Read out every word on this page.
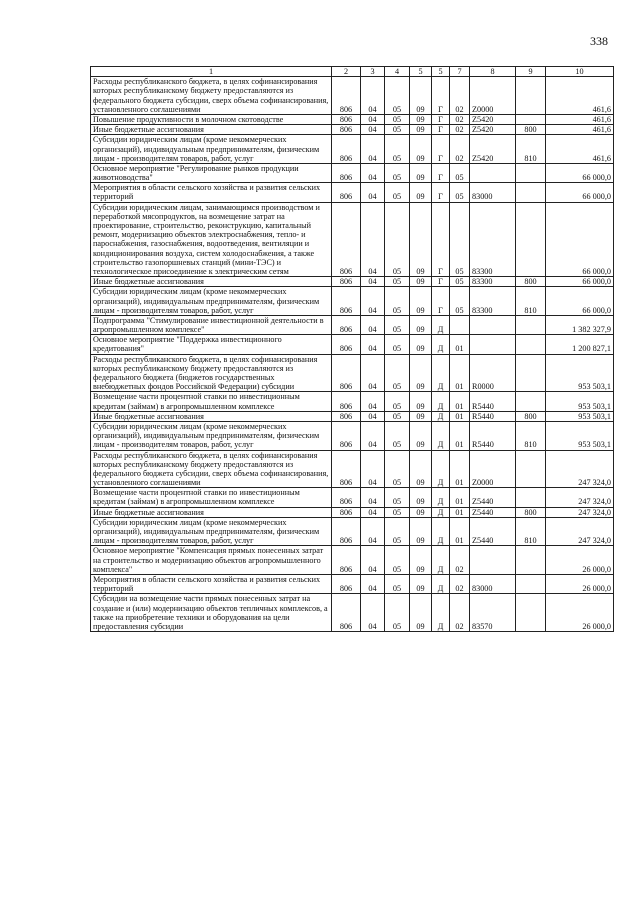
338
1	2	3	4	5	5	7	8	9	10
Расходы республиканского бюджета, в целях софинансирования которых республиканскому бюджету предоставляются из федерального бюджета субсидии, сверх объема софинансирования, установленного соглашениями	806	04	05	09	Г	02	Z0000		461,6
Повышение продуктивности в молочном скотоводстве	806	04	05	09	Г	02	Z5420		461,6
Иные бюджетные ассигнования	806	04	05	09	Г	02	Z5420	800	461,6
Субсидии юридическим лицам (кроме некоммерческих организаций), индивидуальным предпринимателям, физическим лицам - производителям товаров, работ, услуг	806	04	05	09	Г	02	Z5420	810	461,6
Основное мероприятие "Регулирование рынков продукции животноводства"	806	04	05	09	Г	05			66 000,0
Мероприятия в области сельского хозяйства и развития сельских территорий	806	04	05	09	Г	05	83000		66 000,0
Субсидии юридическим лицам, занимающимся производством и переработкой мясопродуктов, на возмещение затрат на проектирование, строительство, реконструкцию, капитальный ремонт, модернизацию объектов электроснабжения, тепло- и пароснабжения, газоснабжения, водоотведения, вентиляции и кондиционирования воздуха, систем холодоснабжения, а также строительство газопоршневых станций (мини-ТЭС) и технологическое присоединение к электрическим сетям	806	04	05	09	Г	05	83300		66 000,0
Иные бюджетные ассигнования	806	04	05	09	Г	05	83300	800	66 000,0
Субсидии юридическим лицам (кроме некоммерческих организаций), индивидуальным предпринимателям, физическим лицам - производителям товаров, работ, услуг	806	04	05	09	Г	05	83300	810	66 000,0
Подпрограмма "Стимулирование инвестиционной деятельности в агропромышленном комплексе"	806	04	05	09	Д				1 382 327,9
Основное мероприятие "Поддержка инвестиционного кредитования"	806	04	05	09	Д	01			1 200 827,1
Расходы республиканского бюджета, в целях софинансирования которых республиканскому бюджету предоставляются из федерального бюджета (бюджетов государственных внебюджетных фондов Российской Федерации) субсидии	806	04	05	09	Д	01	R0000		953 503,1
Возмещение части процентной ставки по инвестиционным кредитам (займам) в агропромышленном комплексе	806	04	05	09	Д	01	R5440		953 503,1
Иные бюджетные ассигнования	806	04	05	09	Д	01	R5440	800	953 503,1
Субсидии юридическим лицам (кроме некоммерческих организаций), индивидуальным предпринимателям, физическим лицам - производителям товаров, работ, услуг	806	04	05	09	Д	01	R5440	810	953 503,1
Расходы республиканского бюджета, в целях софинансирования которых республиканскому бюджету предоставляются из федерального бюджета субсидии, сверх объема софинансирования, установленного соглашениями	806	04	05	09	Д	01	Z0000		247 324,0
Возмещение части процентной ставки по инвестиционным кредитам (займам) в агропромышленном комплексе	806	04	05	09	Д	01	Z5440		247 324,0
Иные бюджетные ассигнования	806	04	05	09	Д	01	Z5440	800	247 324,0
Субсидии юридическим лицам (кроме некоммерческих организаций), индивидуальным предпринимателям, физическим лицам - производителям товаров, работ, услуг	806	04	05	09	Д	01	Z5440	810	247 324,0
Основное мероприятие "Компенсация прямых понесенных затрат на строительство и модернизацию объектов агропромышленного комплекса"	806	04	05	09	Д	02			26 000,0
Мероприятия в области сельского хозяйства и развития сельских территорий	806	04	05	09	Д	02	83000		26 000,0
Субсидии на возмещение части прямых понесенных затрат на создание и (или) модернизацию объектов тепличных комплексов, а также на приобретение техники и оборудования на цели предоставления субсидии	806	04	05	09	Д	02	83570		26 000,0
